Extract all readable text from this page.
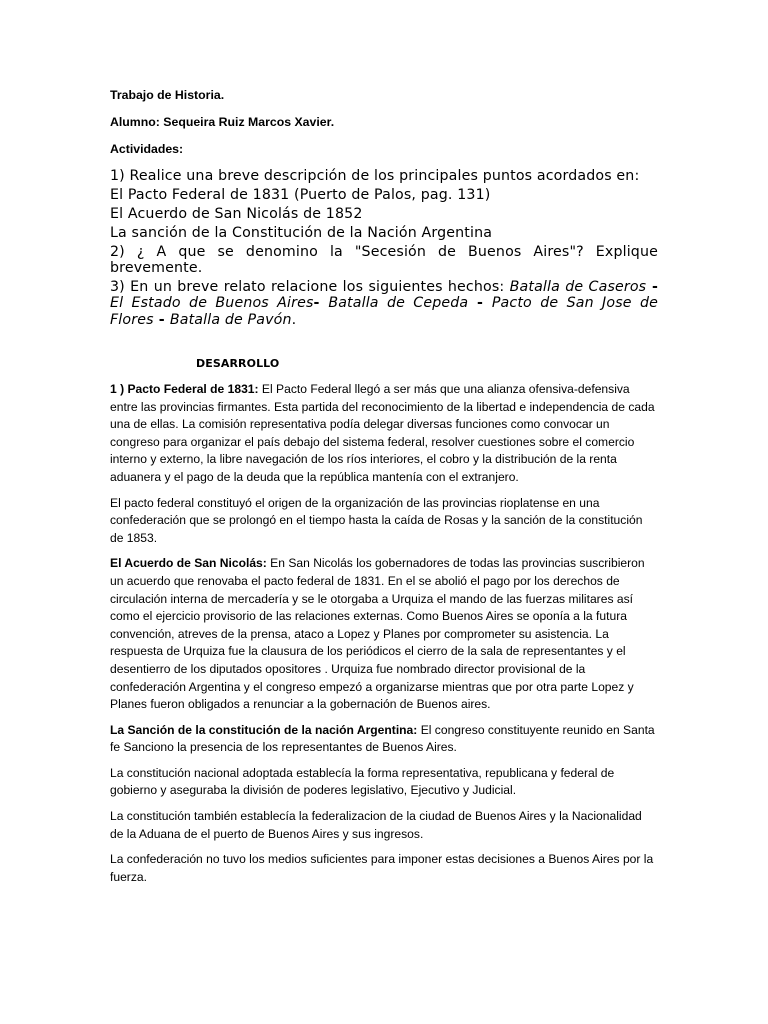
Trabajo de Historia.

Alumno: Sequeira Ruiz Marcos Xavier.

Actividades:

1) Realice una breve descripción de los principales puntos acordados en:

El Pacto Federal de 1831 (Puerto de Palos, pag. 131)

El Acuerdo de San Nicolás de 1852

La sanción de la Constitución de la Nación Argentina

2) ¿ A que se denomino la "Secesión de Buenos Aires"? Explique brevemente.

3) En un breve relato relacione los siguientes hechos: Batalla de Caseros - El Estado de Buenos Aires- Batalla de Cepeda - Pacto de San Jose de Flores - Batalla de Pavón.

DESARROLLO

1 ) Pacto Federal de 1831: El Pacto Federal llegó a ser más que una alianza ofensiva-defensiva entre las provincias firmantes. Esta partida del reconocimiento de la libertad e independencia de cada una de ellas. La comisión representativa podía delegar diversas funciones como convocar un congreso para organizar el país debajo del sistema federal, resolver cuestiones sobre el comercio interno y externo, la libre navegación de los ríos interiores, el cobro y la distribución de la renta aduanera y el pago de la deuda que la república mantenía con el extranjero.

El pacto federal constituyó el origen de la organización de las provincias rioplatense en una confederación que se prolongó en el tiempo hasta la caída de Rosas y la sanción de la constitución de 1853.

El Acuerdo de San Nicolás: En San Nicolás los gobernadores de todas las provincias suscribieron un acuerdo que renovaba el pacto federal de 1831. En el se abolió el pago por los derechos de circulación interna de mercadería y se le otorgaba a Urquiza el mando de las fuerzas militares así como el ejercicio provisorio de las relaciones externas. Como Buenos Aires se oponía a la futura convención, atreves de la prensa, ataco a Lopez y Planes por comprometer su asistencia. La respuesta de Urquiza fue la clausura de los periódicos el cierro de la sala de representantes y el desentierro de los diputados opositores . Urquiza fue nombrado director provisional de la confederación Argentina y el congreso empezó a organizarse mientras que por otra parte Lopez y Planes fueron obligados a renunciar a la gobernación de Buenos aires.

La Sanción de la constitución de la nación Argentina: El congreso constituyente reunido en Santa fe Sanciono la presencia de los representantes de Buenos Aires.

La constitución nacional adoptada establecía la forma representativa, republicana y federal de gobierno y aseguraba la división de poderes legislativo, Ejecutivo y Judicial.

La constitución también establecía la federalizacion de la ciudad de Buenos Aires y la Nacionalidad de la Aduana de el puerto de Buenos Aires y sus ingresos.

La confederación no tuvo los medios suficientes para imponer estas decisiones a Buenos Aires por la fuerza.
